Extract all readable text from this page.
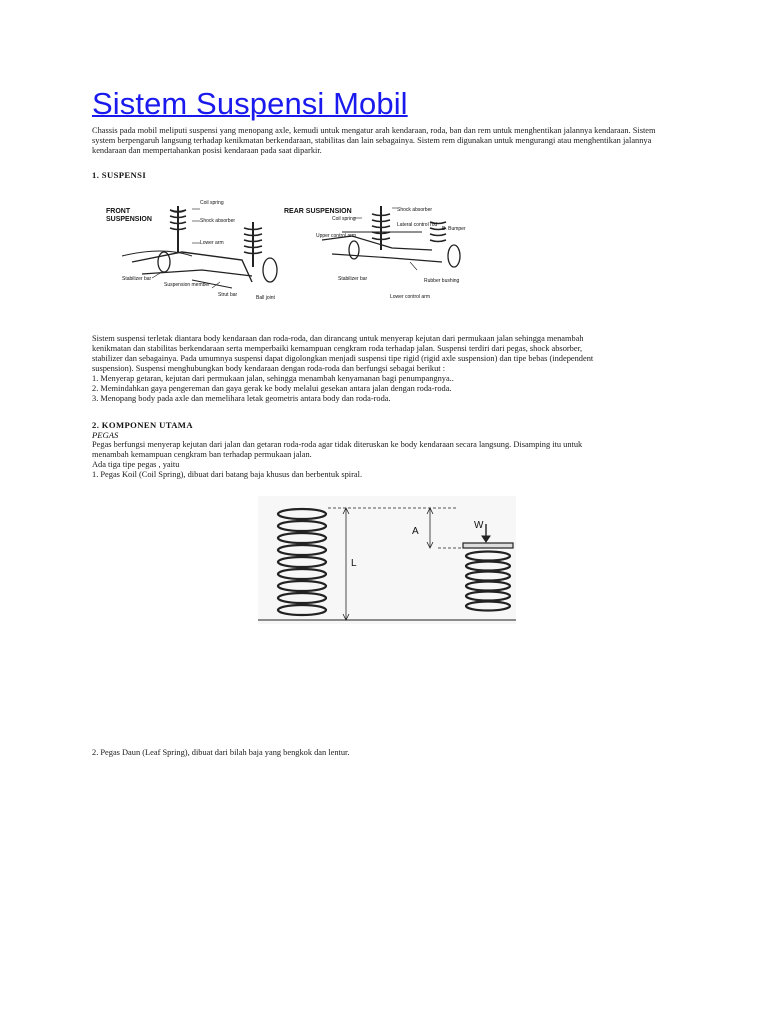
Sistem Suspensi Mobil
Chassis pada mobil meliputi suspensi yang menopang axle, kemudi untuk mengatur arah kendaraan, roda, ban dan rem untuk menghentikan jalannya kendaraan. Sistem system berpengaruh langsung terhadap kenikmatan berkendaraan, stabilitas dan lain sebagainya. Sistem rem digunakan untuk mengurangi atau menghentikan jalannya kendaraan dan mempertahankan posisi kendaraan pada saat diparkir.
1. SUSPENSI
FRONT
SUSPENSION
Coil spring
Shock absorber
Lower arm
Stabilizer bar
Suspension member
Strut bar	Ball joint
REAR SUSPENSION	Shock absorber
Coil spring
Lateral control rod
B. Bumper
Upper control arm
Stabilizer bar	Rubber bushing
Lower control arm
Sistem suspensi terletak diantara body kendaraan dan roda-roda, dan dirancang untuk menyerap kejutan dari permukaan jalan sehingga menambah
kenikmatan dan stabilitas berkendaraan serta memperbaiki kemampuan cengkram roda terhadap jalan. Suspensi terdiri dari pegas, shock absorber,
stabilizer dan sebagainya. Pada umumnya suspensi dapat digolongkan menjadi suspensi tipe rigid (rigid axle suspension) dan tipe bebas (independent
suspension). Suspensi menghubungkan body kendaraan dengan roda-roda dan berfungsi sebagai berikut :
1. Menyerap getaran, kejutan dari permukaan jalan, sehingga menambah kenyamanan bagi penumpangnya..
2. Memindahkan gaya pengereman dan gaya gerak ke body melalui gesekan antara jalan dengan roda-roda.
3. Menopang body pada axle dan memelihara letak geometris antara body dan roda-roda.
2. KOMPONEN UTAMA
PEGAS
Pegas berfungsi menyerap kejutan dari jalan dan getaran roda-roda agar tidak diteruskan ke body kendaraan secara langsung. Disamping itu untuk
menambah kemampuan cengkram ban terhadap permukaan jalan.
Ada tiga tipe pegas , yaitu
1. Pegas Koil (Coil Spring), dibuat dari batang baja khusus dan berbentuk spiral.
L
A
W
2. Pegas Daun (Leaf Spring), dibuat dari bilah baja yang bengkok dan lentur.
